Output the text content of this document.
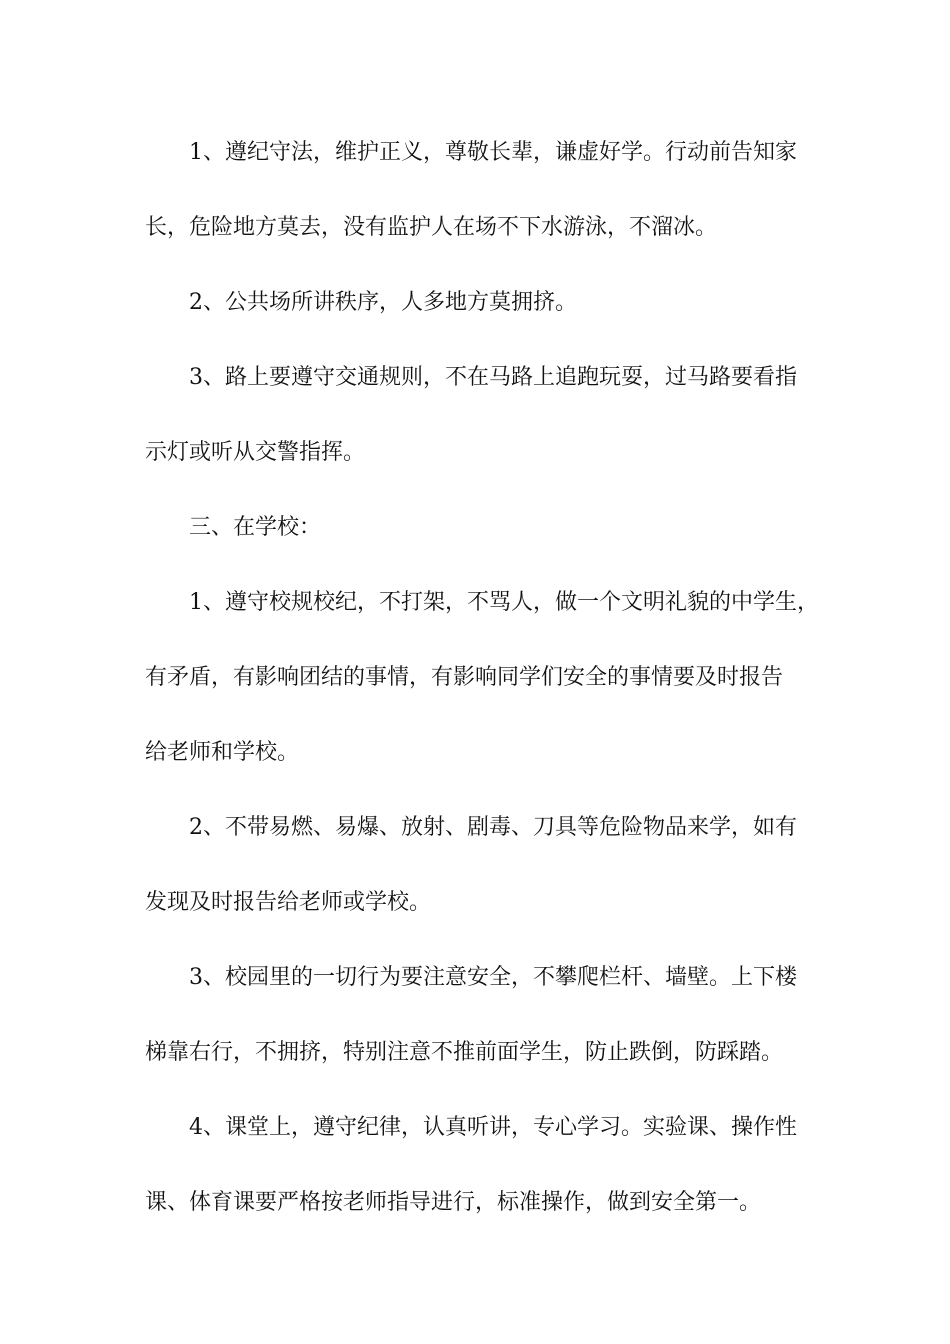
1、遵纪守法，维护正义，尊敬长辈，谦虚好学。行动前告知家
长，危险地方莫去，没有监护人在场不下水游泳，不溜冰。
2、公共场所讲秩序，人多地方莫拥挤。
3、路上要遵守交通规则，不在马路上追跑玩耍，过马路要看指
示灯或听从交警指挥。
三、在学校：
1、遵守校规校纪，不打架，不骂人，做一个文明礼貌的中学生，
有矛盾，有影响团结的事情，有影响同学们安全的事情要及时报告
给老师和学校。
2、不带易燃、易爆、放射、剧毒、刀具等危险物品来学，如有
发现及时报告给老师或学校。
3、校园里的一切行为要注意安全，不攀爬栏杆、墙壁。上下楼
梯靠右行，不拥挤，特别注意不推前面学生，防止跌倒，防踩踏。
4、课堂上，遵守纪律，认真听讲，专心学习。实验课、操作性
课、体育课要严格按老师指导进行，标准操作，做到安全第一。
